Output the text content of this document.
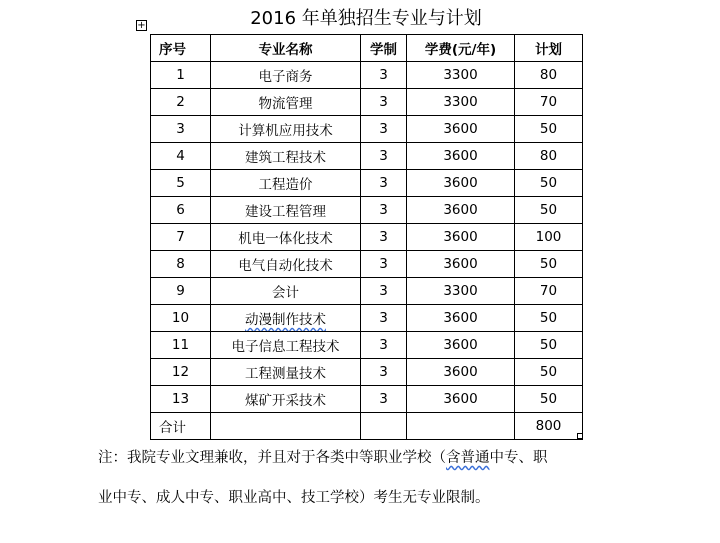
+	2016 年单独招生专业与计划
序号	专业名称	学制	学费(元/年)	计划
1	电子商务	3	3300	80
2	物流管理	3	3300	70
3	计算机应用技术	3	3600	50
4	建筑工程技术	3	3600	80
5	工程造价	3	3600	50
6	建设工程管理	3	3600	50
7	机电一体化技术	3	3600	100
8	电气自动化技术	3	3600	50
9	会计	3	3300	70
10	动漫制作技术	3	3600	50
11	电子信息工程技术	3	3600	50
12	工程测量技术	3	3600	50
13	煤矿开采技术	3	3600	50
合计				800
注：我院专业文理兼收，并且对于各类中等职业学校（含普通中专、职
业中专、成人中专、职业高中、技工学校）考生无专业限制。
